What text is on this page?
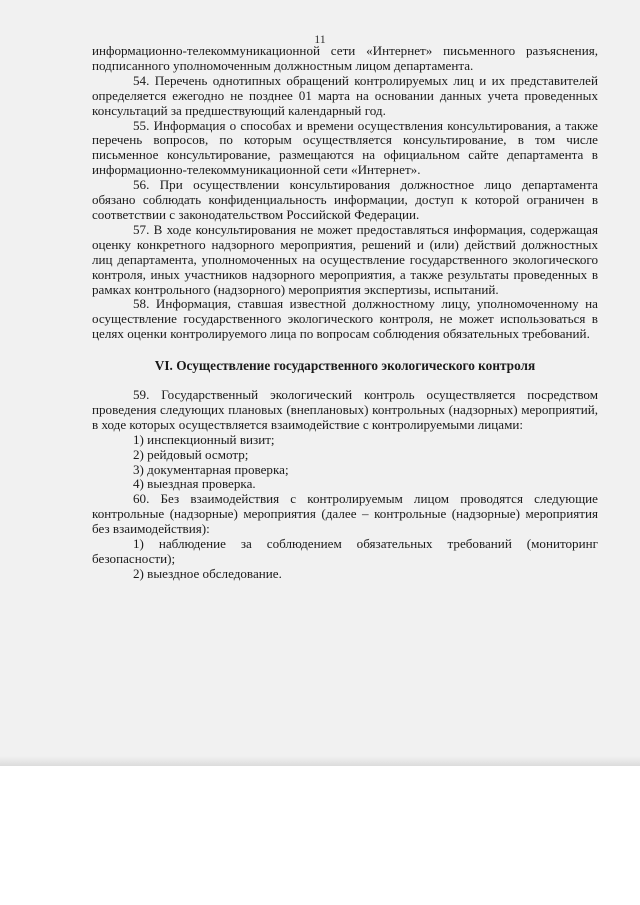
11

информационно-телекоммуникационной сети «Интернет» письменного разъяснения, подписанного уполномоченным должностным лицом департамента.

54. Перечень однотипных обращений контролируемых лиц и их представителей определяется ежегодно не позднее 01 марта на основании данных учета проведенных консультаций за предшествующий календарный год.

55. Информация о способах и времени осуществления консультирования, а также перечень вопросов, по которым осуществляется консультирование, в том числе письменное консультирование, размещаются на официальном сайте департамента в информационно-телекоммуникационной сети «Интернет».

56. При осуществлении консультирования должностное лицо департамента обязано соблюдать конфиденциальность информации, доступ к которой ограничен в соответствии с законодательством Российской Федерации.

57. В ходе консультирования не может предоставляться информация, содержащая оценку конкретного надзорного мероприятия, решений и (или) действий должностных лиц департамента, уполномоченных на осуществление государственного экологического контроля, иных участников надзорного мероприятия, а также результаты проведенных в рамках контрольного (надзорного) мероприятия экспертизы, испытаний.

58. Информация, ставшая известной должностному лицу, уполномоченному на осуществление государственного экологического контроля, не может использоваться в целях оценки контролируемого лица по вопросам соблюдения обязательных требований.

VI. Осуществление государственного экологического контроля

59. Государственный экологический контроль осуществляется посредством проведения следующих плановых (внеплановых) контрольных (надзорных) мероприятий, в ходе которых осуществляется взаимодействие с контролируемыми лицами:

1) инспекционный визит;

2) рейдовый осмотр;

3) документарная проверка;

4) выездная проверка.

60. Без взаимодействия с контролируемым лицом проводятся следующие контрольные (надзорные) мероприятия (далее – контрольные (надзорные) мероприятия без взаимодействия):

1) наблюдение за соблюдением обязательных требований (мониторинг безопасности);

2) выездное обследование.
